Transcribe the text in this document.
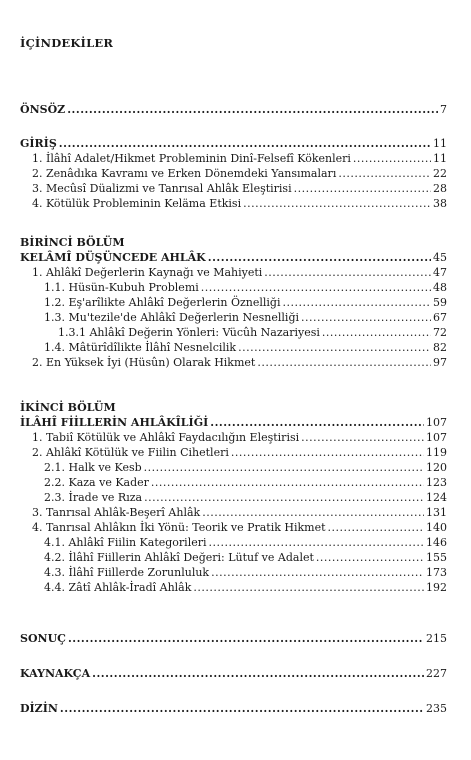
İÇİNDEKİLER
ÖNSÖZ .....	7
GİRİŞ .....	11
1. İlâhî Adalet/Hikmet Probleminin Dinî-Felsefî Kökenleri .....	11
2. Zenâdıka Kavramı ve Erken Dönemdeki Yansımaları .....	22
3. Mecûsî Düalizmi ve Tanrısal Ahlâk Eleştirisi .....	28
4. Kötülük Probleminin Keläma Etkisi .....	38
BİRİNCİ BÖLÜM
KELÂMÎ DÜŞÜNCEDE AHLÂK .....	45
1. Ahlâkî Değerlerin Kaynağı ve Mahiyeti .....	47
1.1. Hüsün-Kubuh Problemi .....	48
1.2. Eş'arîlikte Ahlâkî Değerlerin Öznelliği .....	59
1.3. Mu'tezile'de Ahlâkî Değerlerin Nesnelliği .....	67
1.3.1 Ahlâkî Değerin Yönleri: Vücûh Nazariyesi .....	72
1.4. Mâtürîdîlikte İlâhî Nesnelcilik .....	82
2. En Yüksek İyi (Hüsûn) Olarak Hikmet .....	97
İKİNCİ BÖLÜM
İLÂHÎ FİİLLERİN AHLÂKÎLİĞİ .....	107
1. Tabiî Kötülük ve Ahlâkî Faydacılığın Eleştirisi .....	107
2. Ahlâkî Kötülük ve Fiilin Cihetleri .....	119
2.1. Halk ve Kesb .....	120
2.2. Kaza ve Kader .....	123
2.3. İrade ve Rıza .....	124
3. Tanrısal Ahlâk-Beşerî Ahlâk .....	131
4. Tanrısal Ahlâkın İki Yönü: Teorik ve Pratik Hikmet .....	140
4.1. Ahlâkî Fiilin Kategorileri .....	146
4.2. İlâhî Fiillerin Ahlâkî Değeri: Lütuf ve Adalet .....	155
4.3. İlâhî Fiillerde Zorunluluk .....	173
4.4. Zâtî Ahlâk-İradî Ahlâk .....	192
SONUÇ .....	215
KAYNAKÇA .....	227
DİZİN .....	235
